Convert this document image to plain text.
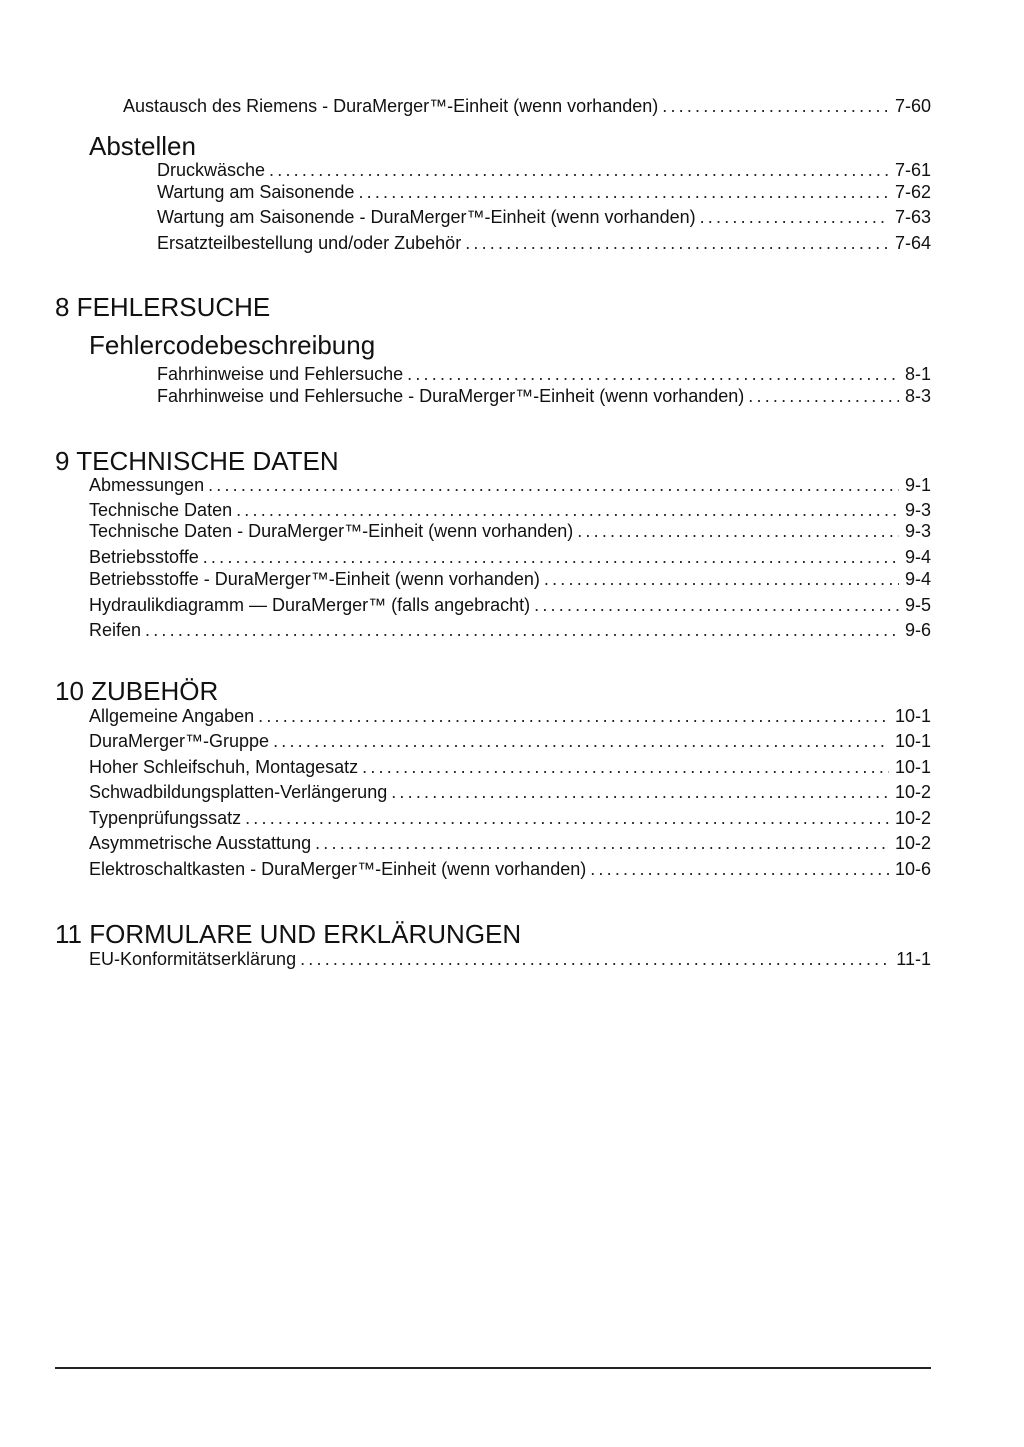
Austausch des Riemens - DuraMerger™-Einheit (wenn vorhanden) .....	7-60
Abstellen
Druckwäsche .....	7-61
Wartung am Saisonende .....	7-62
Wartung am Saisonende - DuraMerger™-Einheit (wenn vorhanden) .....	7-63
Ersatzteilbestellung und/oder Zubehör .....	7-64
8 FEHLERSUCHE
Fehlercodebeschreibung
Fahrhinweise und Fehlersuche .....	8-1
Fahrhinweise und Fehlersuche - DuraMerger™-Einheit (wenn vorhanden) .....	8-3
9 TECHNISCHE DATEN
Abmessungen .....	9-1
Technische Daten .....	9-3
Technische Daten - DuraMerger™-Einheit (wenn vorhanden) .....	9-3
Betriebsstoffe .....	9-4
Betriebsstoffe - DuraMerger™-Einheit (wenn vorhanden) .....	9-4
Hydraulikdiagramm — DuraMerger™ (falls angebracht) .....	9-5
Reifen .....	9-6
10 ZUBEHÖR
Allgemeine Angaben .....	10-1
DuraMerger™-Gruppe .....	10-1
Hoher Schleifschuh, Montagesatz .....	10-1
Schwadbildungsplatten-Verlängerung .....	10-2
Typenprüfungssatz .....	10-2
Asymmetrische Ausstattung .....	10-2
Elektroschaltkasten - DuraMerger™-Einheit (wenn vorhanden) .....	10-6
11 FORMULARE UND ERKLÄRUNGEN
EU-Konformitätserklärung .....	11-1
